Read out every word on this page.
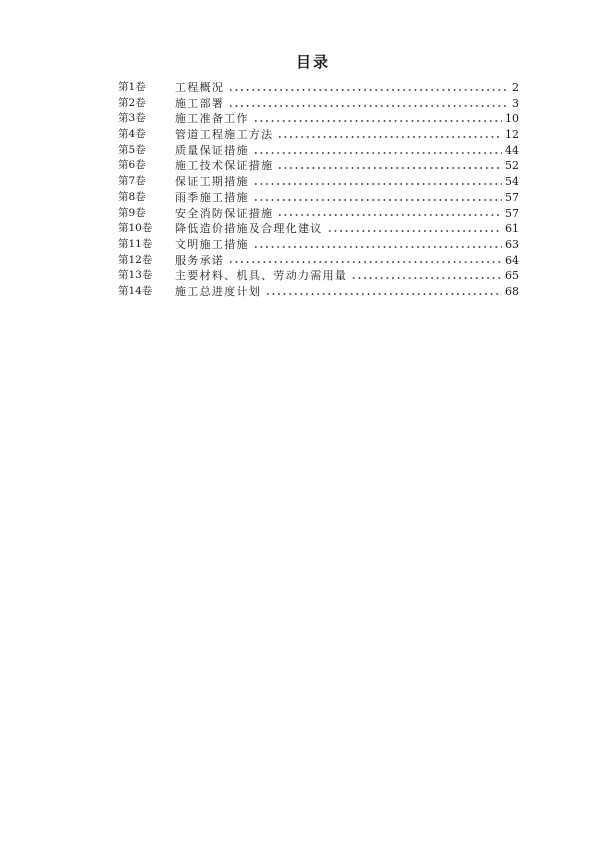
目录
第1卷	工程概况	2
第2卷	施工部署	3
第3卷	施工准备工作	10
第4卷	管道工程施工方法	12
第5卷	质量保证措施	44
第6卷	施工技术保证措施	52
第7卷	保证工期措施	54
第8卷	雨季施工措施	57
第9卷	安全消防保证措施	57
第10卷	降低造价措施及合理化建议	61
第11卷	文明施工措施	63
第12卷	服务承诺	64
第13卷	主要材料、机具、劳动力需用量	65
第14卷	施工总进度计划	68
